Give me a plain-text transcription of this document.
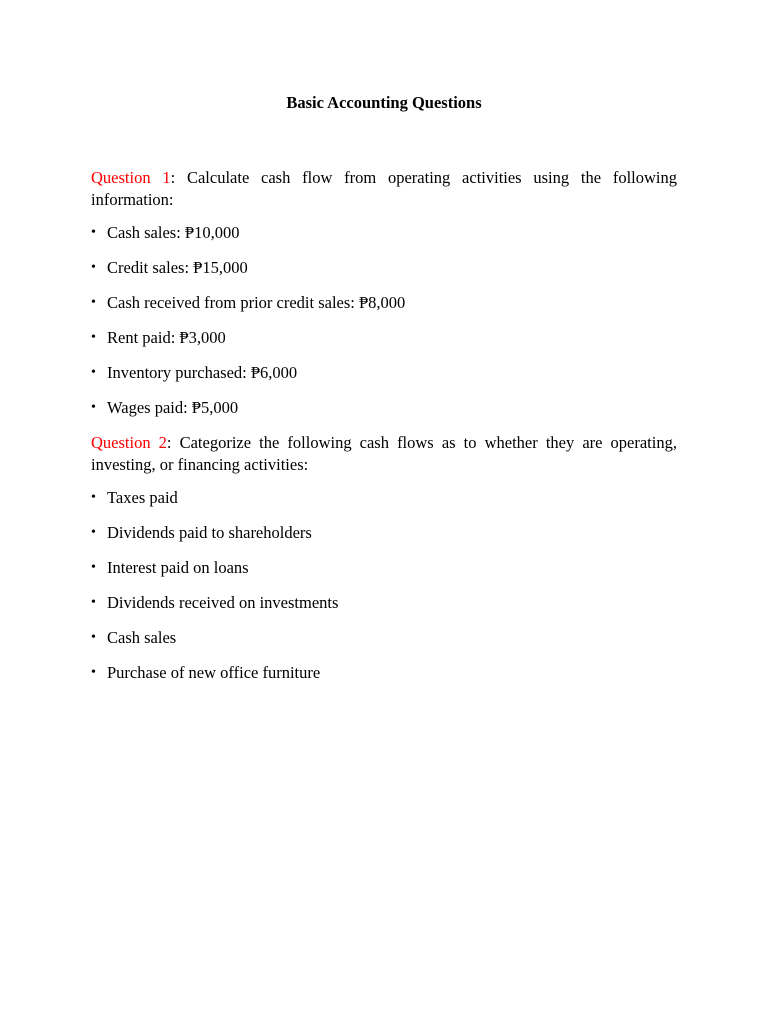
Basic Accounting Questions
Question 1: Calculate cash flow from operating activities using the following information:
• Cash sales: ₱10,000
• Credit sales: ₱15,000
• Cash received from prior credit sales: ₱8,000
• Rent paid: ₱3,000
• Inventory purchased: ₱6,000
• Wages paid: ₱5,000
Question 2: Categorize the following cash flows as to whether they are operating, investing, or financing activities:
• Taxes paid
• Dividends paid to shareholders
• Interest paid on loans
• Dividends received on investments
• Cash sales
• Purchase of new office furniture
